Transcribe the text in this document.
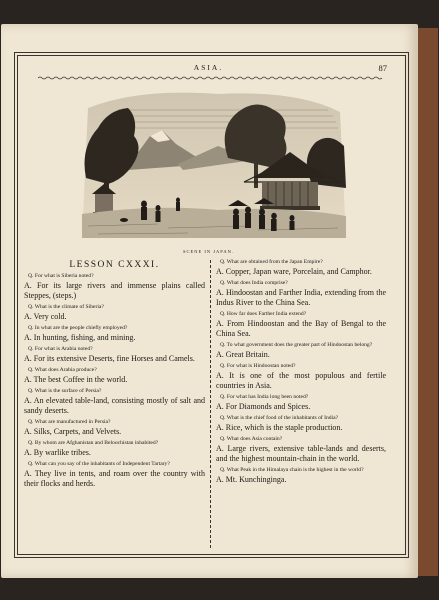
ASIA.	87
SCENE IN JAPAN.
LESSON CXXXI.
Q. For what is Siberia noted?
A. For its large rivers and immense plains called Steppes, (steps.)
Q. What is the climate of Siberia?
A. Very cold.
Q. In what are the people chiefly employed?
A. In hunting, fishing, and mining.
Q. For what is Arabia noted?
A. For its extensive Deserts, fine Horses and Camels.
Q. What does Arabia produce?
A. The best Coffee in the world.
Q. What is the surface of Persia?
A. An elevated table-land, consisting mostly of salt and sandy deserts.
Q. What are manufactured in Persia?
A. Silks, Carpets, and Velvets.
Q. By whom are Afghanistan and Beloochistan inhabited?
A. By warlike tribes.
Q. What can you say of the inhabitants of Independent Tartary?
A. They live in tents, and roam over the country with their flocks and herds.
Q. What are obtained from the Japan Empire?
A. Copper, Japan ware, Porcelain, and Camphor.
Q. What does India comprise?
A. Hindoostan and Farther India, extending from the Indus River to the China Sea.
Q. How far does Farther India extend?
A. From Hindoostan and the Bay of Bengal to the China Sea.
Q. To what government does the greater part of Hindoostan belong?
A. Great Britain.
Q. For what is Hindoostan noted?
A. It is one of the most populous and fertile countries in Asia.
Q. For what has India long been noted?
A. For Diamonds and Spices.
Q. What is the chief food of the inhabitants of India?
A. Rice, which is the staple production.
Q. What does Asia contain?
A. Large rivers, extensive table-lands and deserts, and the highest mountain-chain in the world.
Q. What Peak in the Himalaya chain is the highest in the world?
A. Mt. Kunchinginga.
